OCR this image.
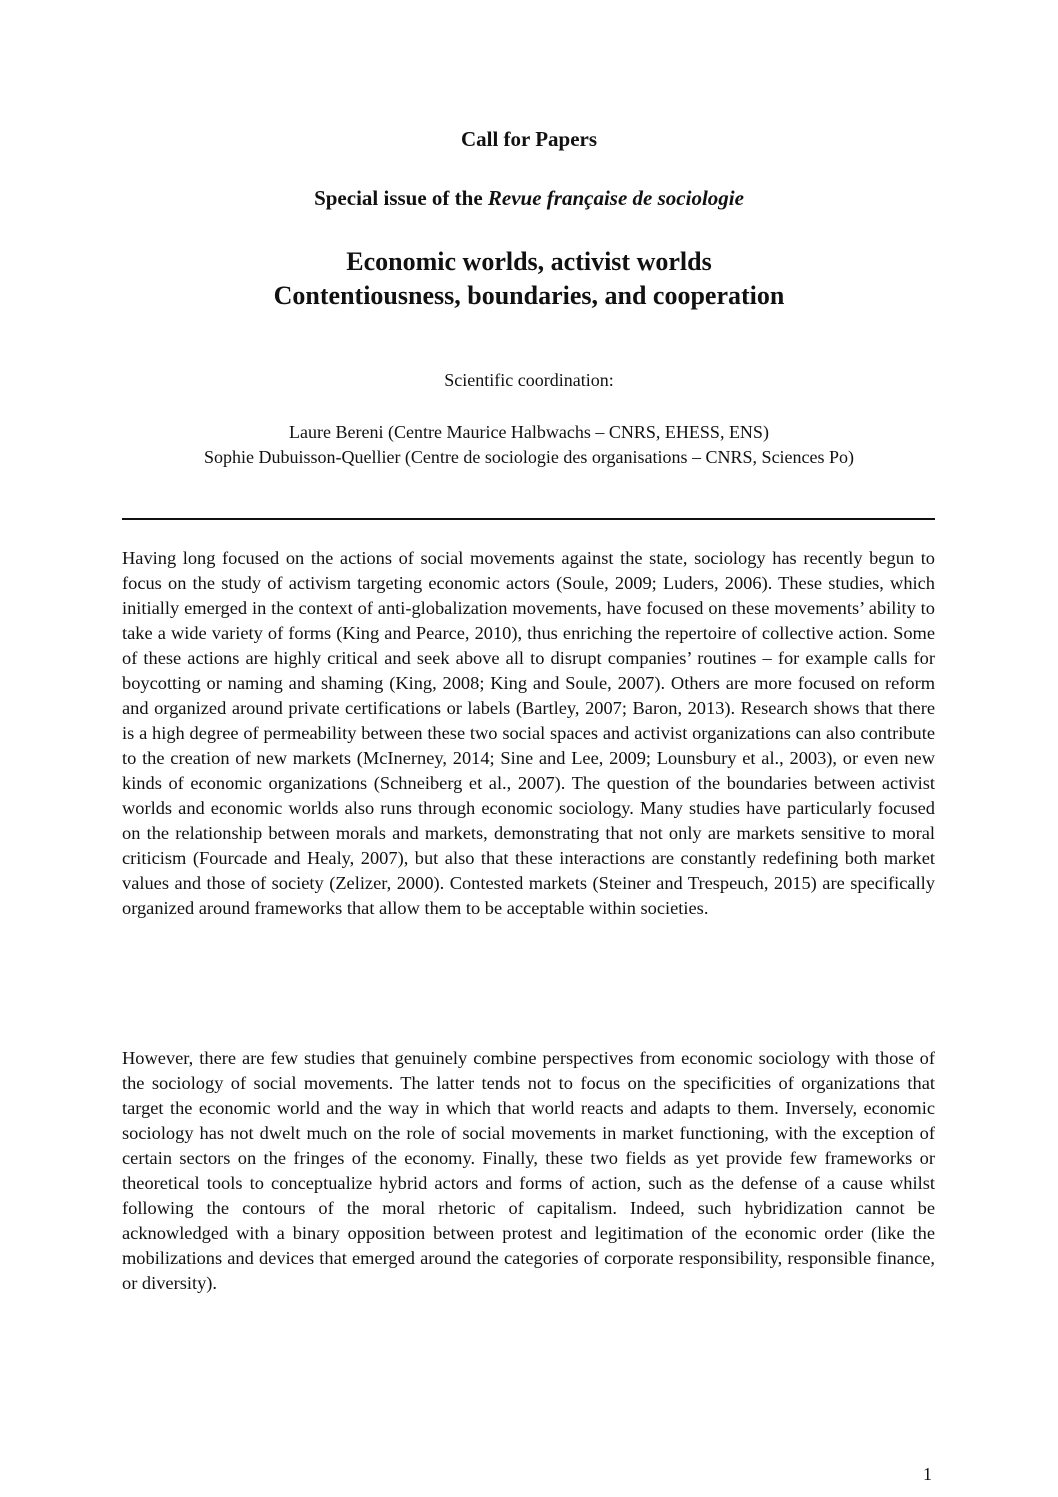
Call for Papers
Special issue of the Revue française de sociologie
Economic worlds, activist worlds
Contentiousness, boundaries, and cooperation
Scientific coordination:
Laure Bereni (Centre Maurice Halbwachs – CNRS, EHESS, ENS)
Sophie Dubuisson-Quellier (Centre de sociologie des organisations – CNRS, Sciences Po)

Having long focused on the actions of social movements against the state, sociology has recently begun to focus on the study of activism targeting economic actors (Soule, 2009; Luders, 2006). These studies, which initially emerged in the context of anti-globalization movements, have focused on these movements’ ability to take a wide variety of forms (King and Pearce, 2010), thus enriching the repertoire of collective action. Some of these actions are highly critical and seek above all to disrupt companies’ routines – for example calls for boycotting or naming and shaming (King, 2008; King and Soule, 2007). Others are more focused on reform and organized around private certifications or labels (Bartley, 2007; Baron, 2013). Research shows that there is a high degree of permeability between these two social spaces and activist organizations can also contribute to the creation of new markets (McInerney, 2014; Sine and Lee, 2009; Lounsbury et al., 2003), or even new kinds of economic organizations (Schneiberg et al., 2007). The question of the boundaries between activist worlds and economic worlds also runs through economic sociology. Many studies have particularly focused on the relationship between morals and markets, demonstrating that not only are markets sensitive to moral criticism (Fourcade and Healy, 2007), but also that these interactions are constantly redefining both market values and those of society (Zelizer, 2000). Contested markets (Steiner and Trespeuch, 2015) are specifically organized around frameworks that allow them to be acceptable within societies.

However, there are few studies that genuinely combine perspectives from economic sociology with those of the sociology of social movements. The latter tends not to focus on the specificities of organizations that target the economic world and the way in which that world reacts and adapts to them. Inversely, economic sociology has not dwelt much on the role of social movements in market functioning, with the exception of certain sectors on the fringes of the economy. Finally, these two fields as yet provide few frameworks or theoretical tools to conceptualize hybrid actors and forms of action, such as the defense of a cause whilst following the contours of the moral rhetoric of capitalism. Indeed, such hybridization cannot be acknowledged with a binary opposition between protest and legitimation of the economic order (like the mobilizations and devices that emerged around the categories of corporate responsibility, responsible finance, or diversity).

1
